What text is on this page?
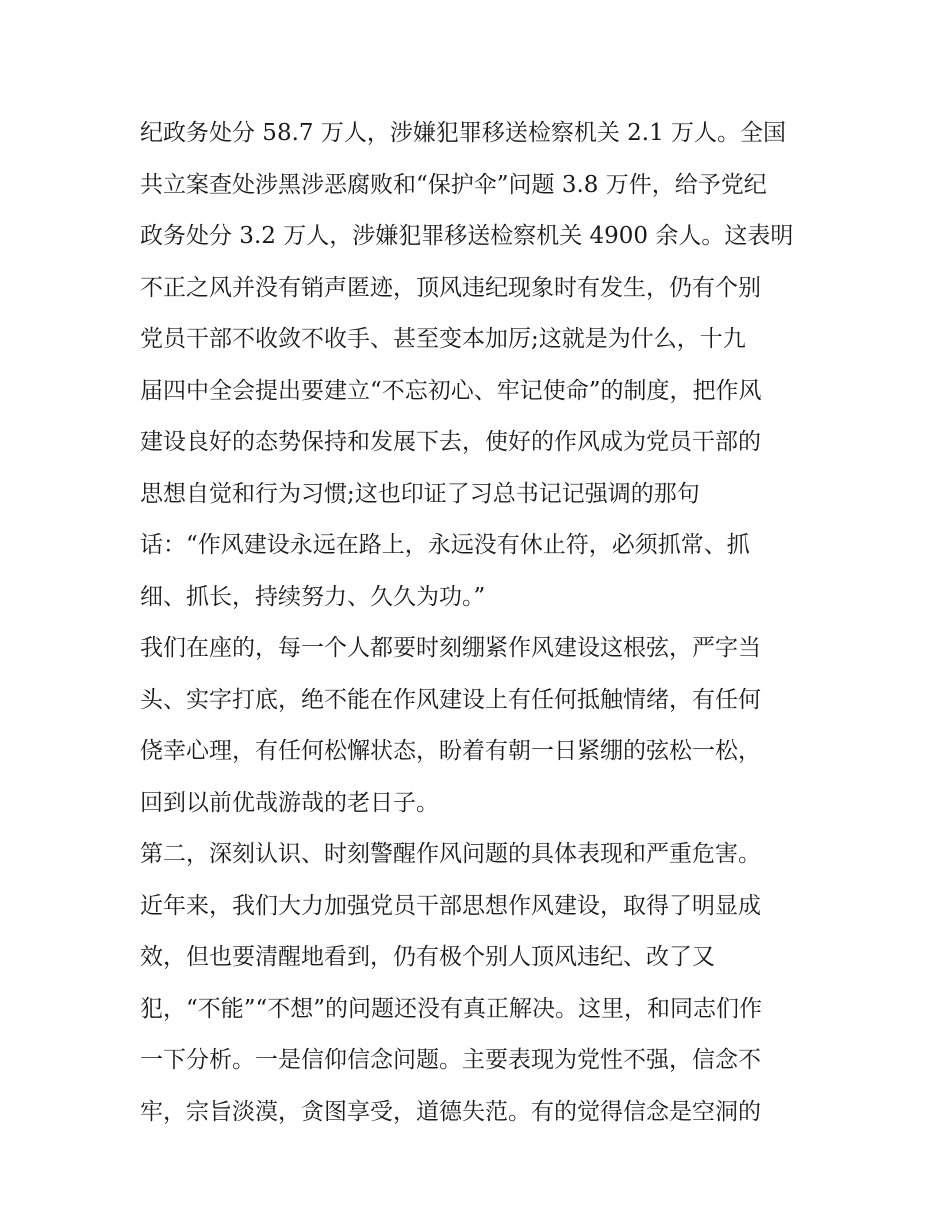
纪政务处分 58.7 万人，涉嫌犯罪移送检察机关 2.1 万人。全国
共立案查处涉黑涉恶腐败和“保护伞”问题 3.8 万件，给予党纪
政务处分 3.2 万人，涉嫌犯罪移送检察机关 4900 余人。这表明
不正之风并没有销声匿迹，顶风违纪现象时有发生，仍有个别
党员干部不收敛不收手、甚至变本加厉;这就是为什么，十九
届四中全会提出要建立“不忘初心、牢记使命”的制度，把作风
建设良好的态势保持和发展下去，使好的作风成为党员干部的
思想自觉和行为习惯;这也印证了习总书记记强调的那句
话：“作风建设永远在路上，永远没有休止符，必须抓常、抓
细、抓长，持续努力、久久为功。”
我们在座的，每一个人都要时刻绷紧作风建设这根弦，严字当
头、实字打底，绝不能在作风建设上有任何抵触情绪，有任何
侥幸心理，有任何松懈状态，盼着有朝一日紧绷的弦松一松，
回到以前优哉游哉的老日子。
第二，深刻认识、时刻警醒作风问题的具体表现和严重危害。
近年来，我们大力加强党员干部思想作风建设，取得了明显成
效，但也要清醒地看到，仍有极个别人顶风违纪、改了又
犯，“不能”“不想”的问题还没有真正解决。这里，和同志们作
一下分析。一是信仰信念问题。主要表现为党性不强，信念不
牢，宗旨淡漠，贪图享受，道德失范。有的觉得信念是空洞的
